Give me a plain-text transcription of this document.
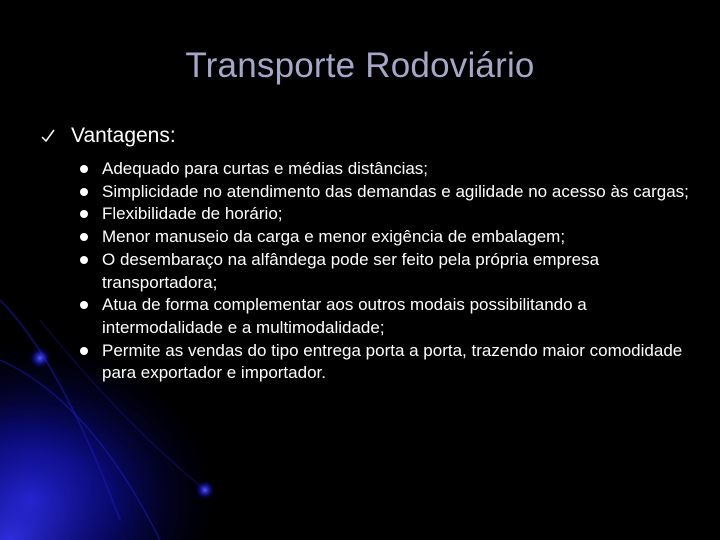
Transporte Rodoviário
Vantagens:
Adequado para curtas e médias distâncias;
Simplicidade no atendimento das demandas e agilidade no acesso às cargas;
Flexibilidade de horário;
Menor manuseio da carga e menor exigência de embalagem;
O desembaraço na alfândega pode ser feito pela própria empresa transportadora;
Atua de forma complementar aos outros modais possibilitando a intermodalidade e a multimodalidade;
Permite as vendas do tipo entrega porta a porta, trazendo maior comodidade para exportador e importador.
